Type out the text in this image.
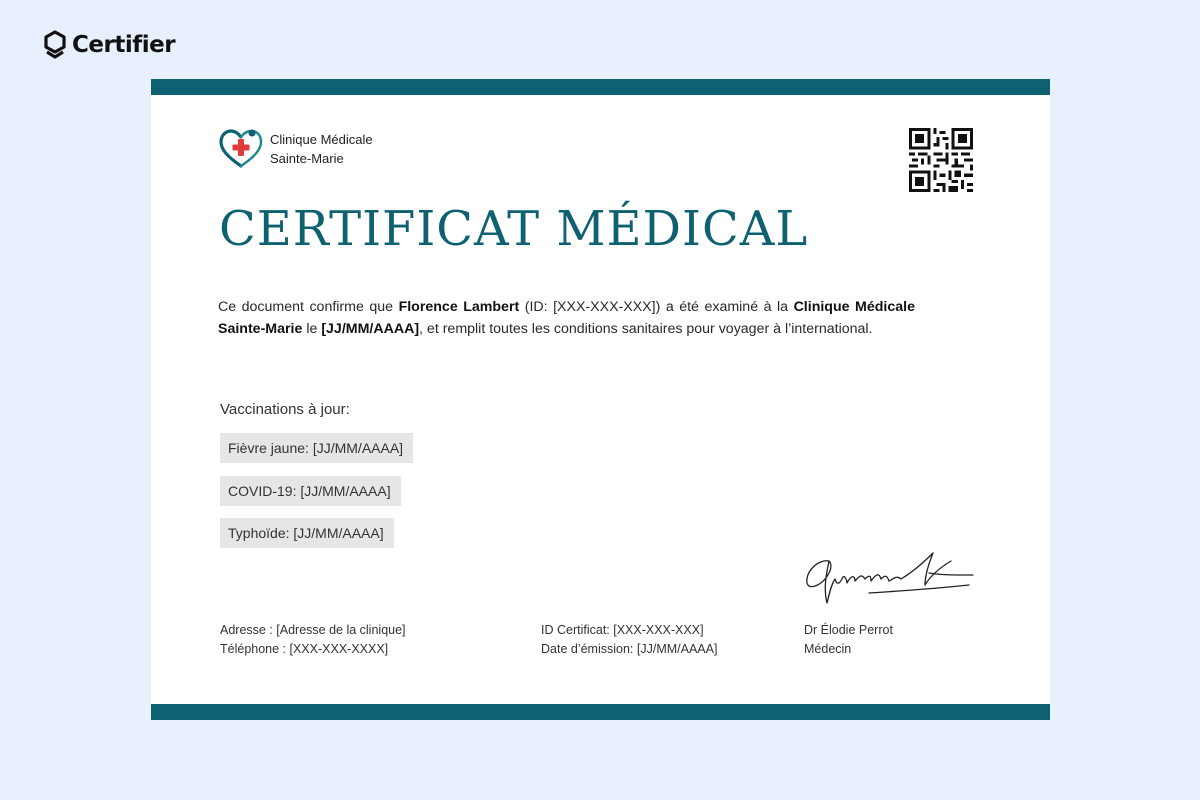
Certifier
Clinique Médicale
Sainte-Marie
CERTIFICAT MÉDICAL

Ce document confirme que Florence Lambert (ID: [XXX-XXX-XXX]) a été examiné à la Clinique Médicale Sainte-Marie le [JJ/MM/AAAA], et remplit toutes les conditions sanitaires pour voyager à l’international.

Vaccinations à jour:
Fièvre jaune: [JJ/MM/AAAA]
COVID-19: [JJ/MM/AAAA]
Typhoïde: [JJ/MM/AAAA]
Adresse : [Adresse de la clinique]
Téléphone : [XXX-XXX-XXXX]
ID Certificat: [XXX-XXX-XXX]
Date d’émission: [JJ/MM/AAAA]
Dr Élodie Perrot
Médecin
